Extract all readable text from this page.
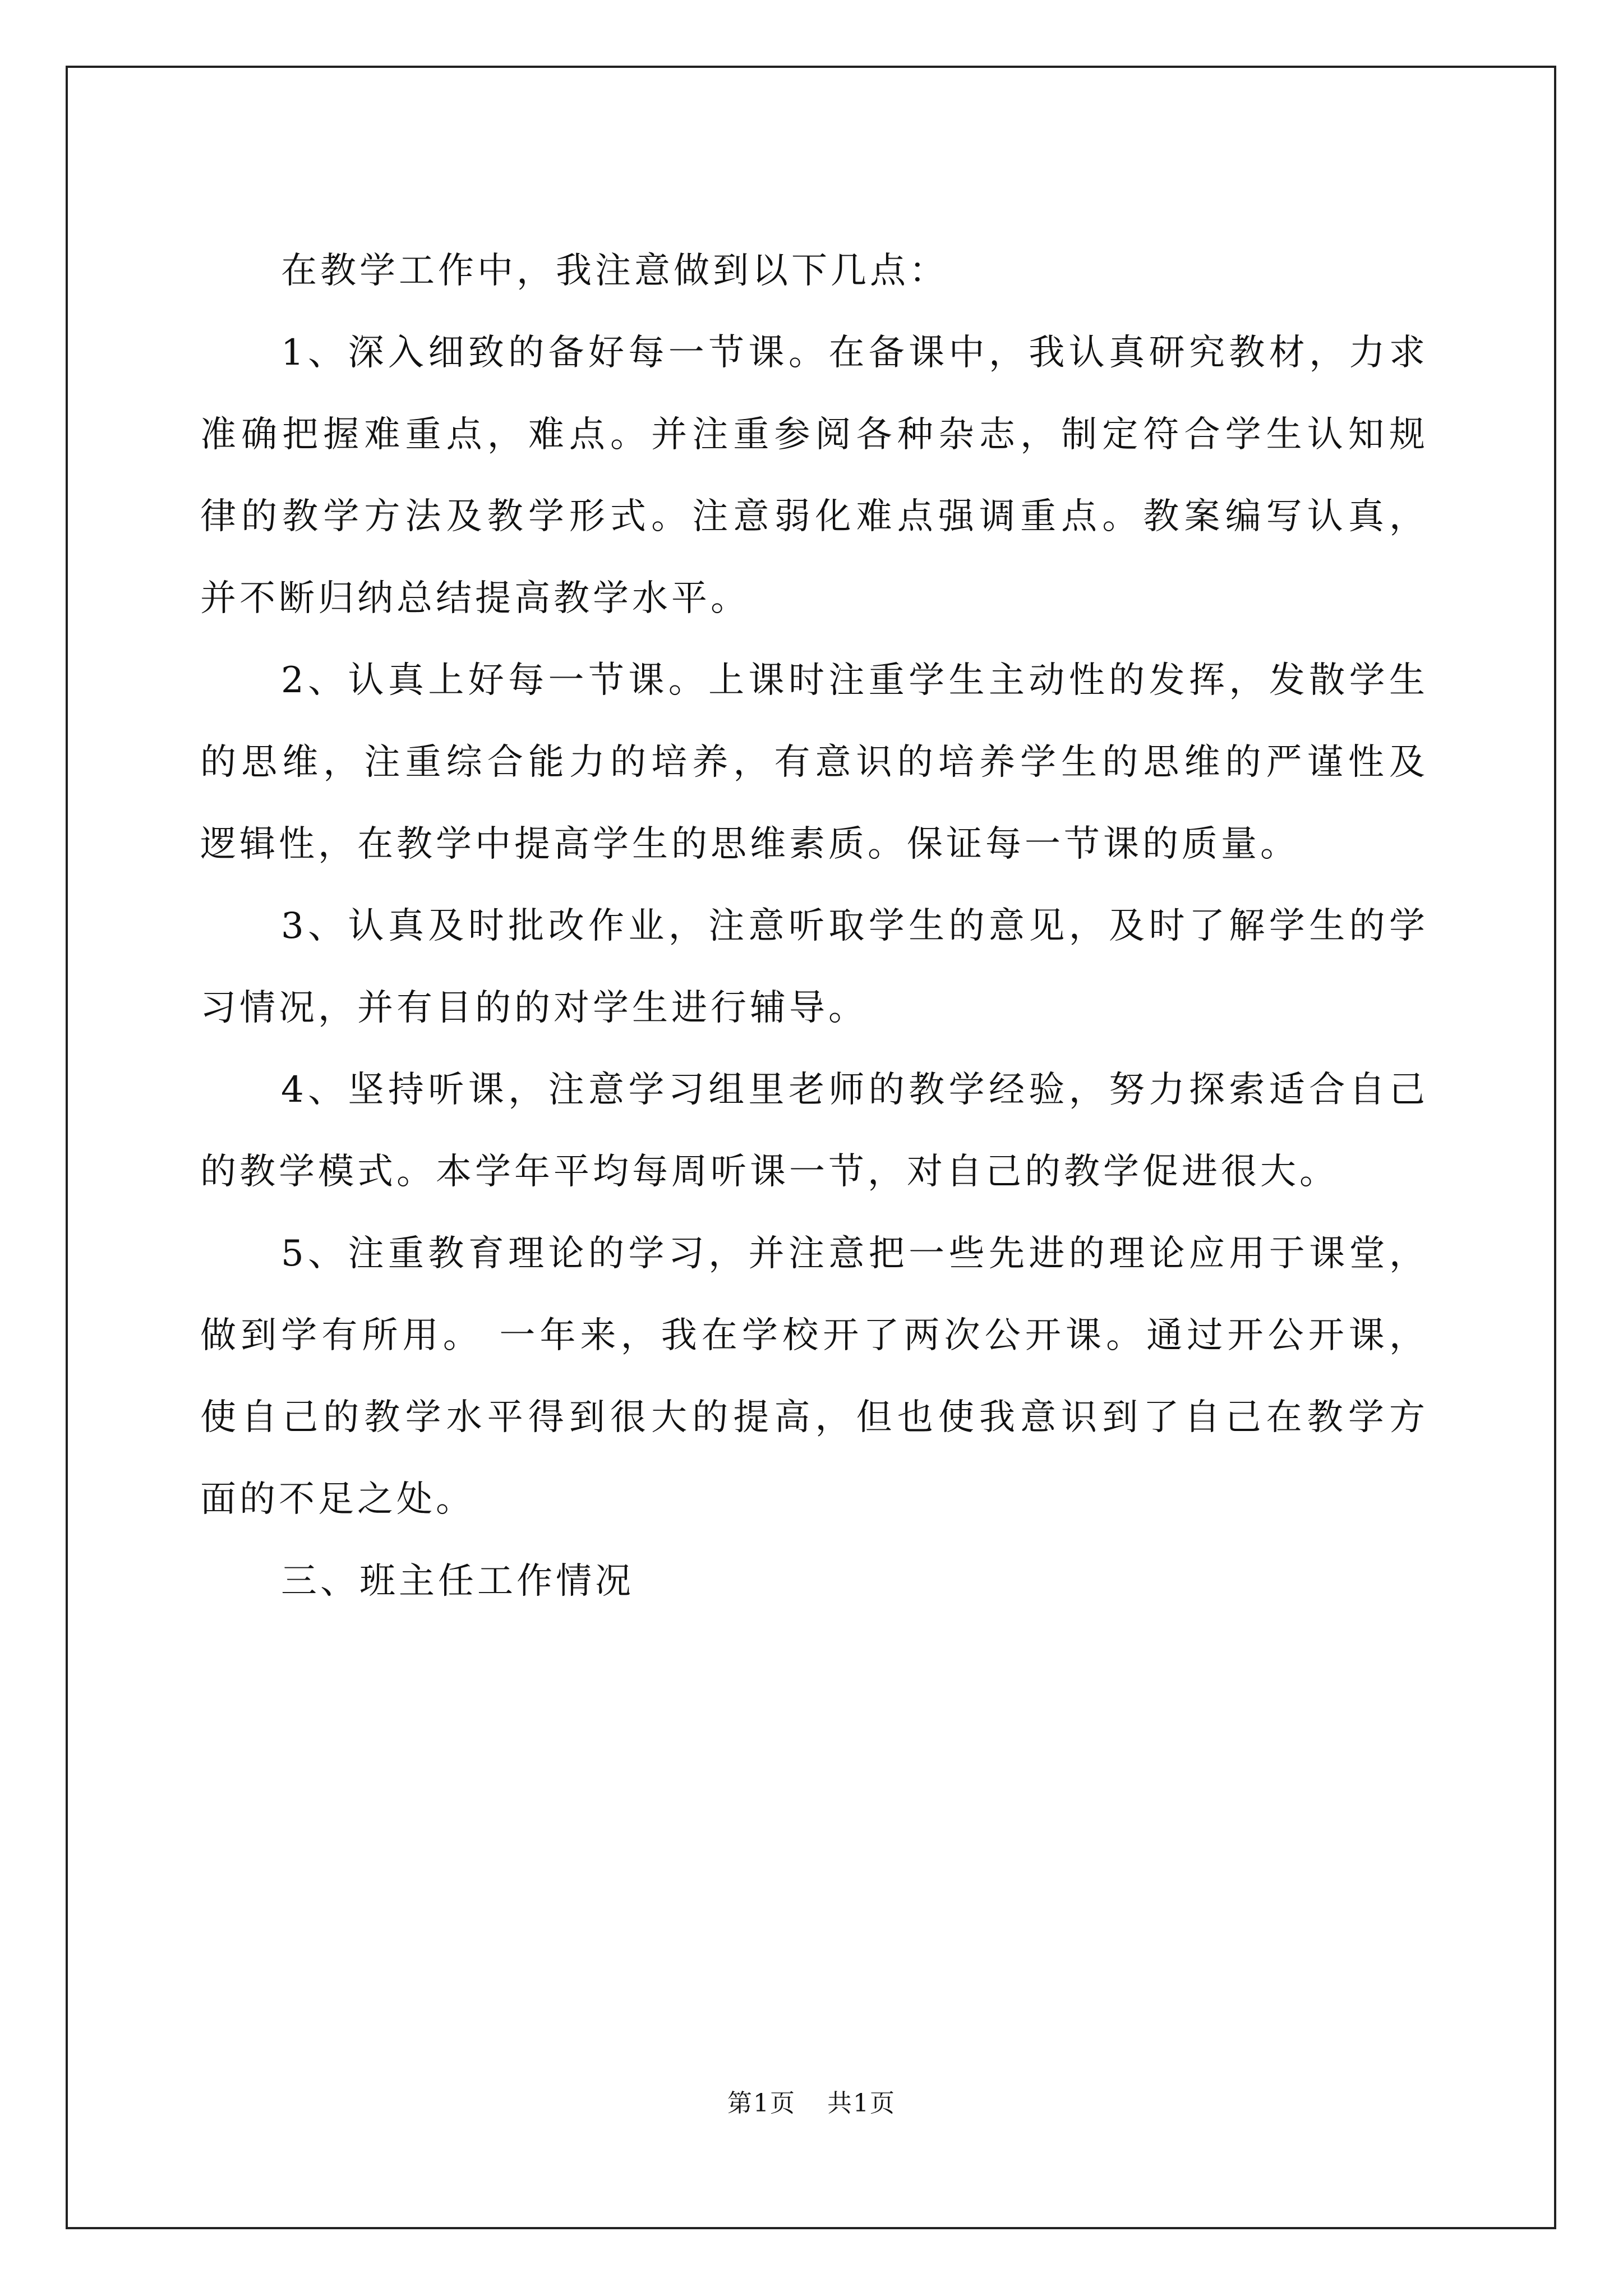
在教学工作中，我注意做到以下几点：
1、深入细致的备好每一节课。在备课中，我认真研究教材，力求
准确把握难重点，难点。并注重参阅各种杂志，制定符合学生认知规
律的教学方法及教学形式。注意弱化难点强调重点。教案编写认真，
并不断归纳总结提高教学水平。
2、认真上好每一节课。上课时注重学生主动性的发挥，发散学生
的思维，注重综合能力的培养，有意识的培养学生的思维的严谨性及
逻辑性，在教学中提高学生的思维素质。保证每一节课的质量。
3、认真及时批改作业，注意听取学生的意见，及时了解学生的学
习情况，并有目的的对学生进行辅导。
4、坚持听课，注意学习组里老师的教学经验，努力探索适合自己
的教学模式。本学年平均每周听课一节，对自己的教学促进很大。
5、注重教育理论的学习，并注意把一些先进的理论应用于课堂，
做到学有所用。 一年来，我在学校开了两次公开课。通过开公开课，
使自己的教学水平得到很大的提高，但也使我意识到了自己在教学方
面的不足之处。
三、班主任工作情况
第1页 共1页
